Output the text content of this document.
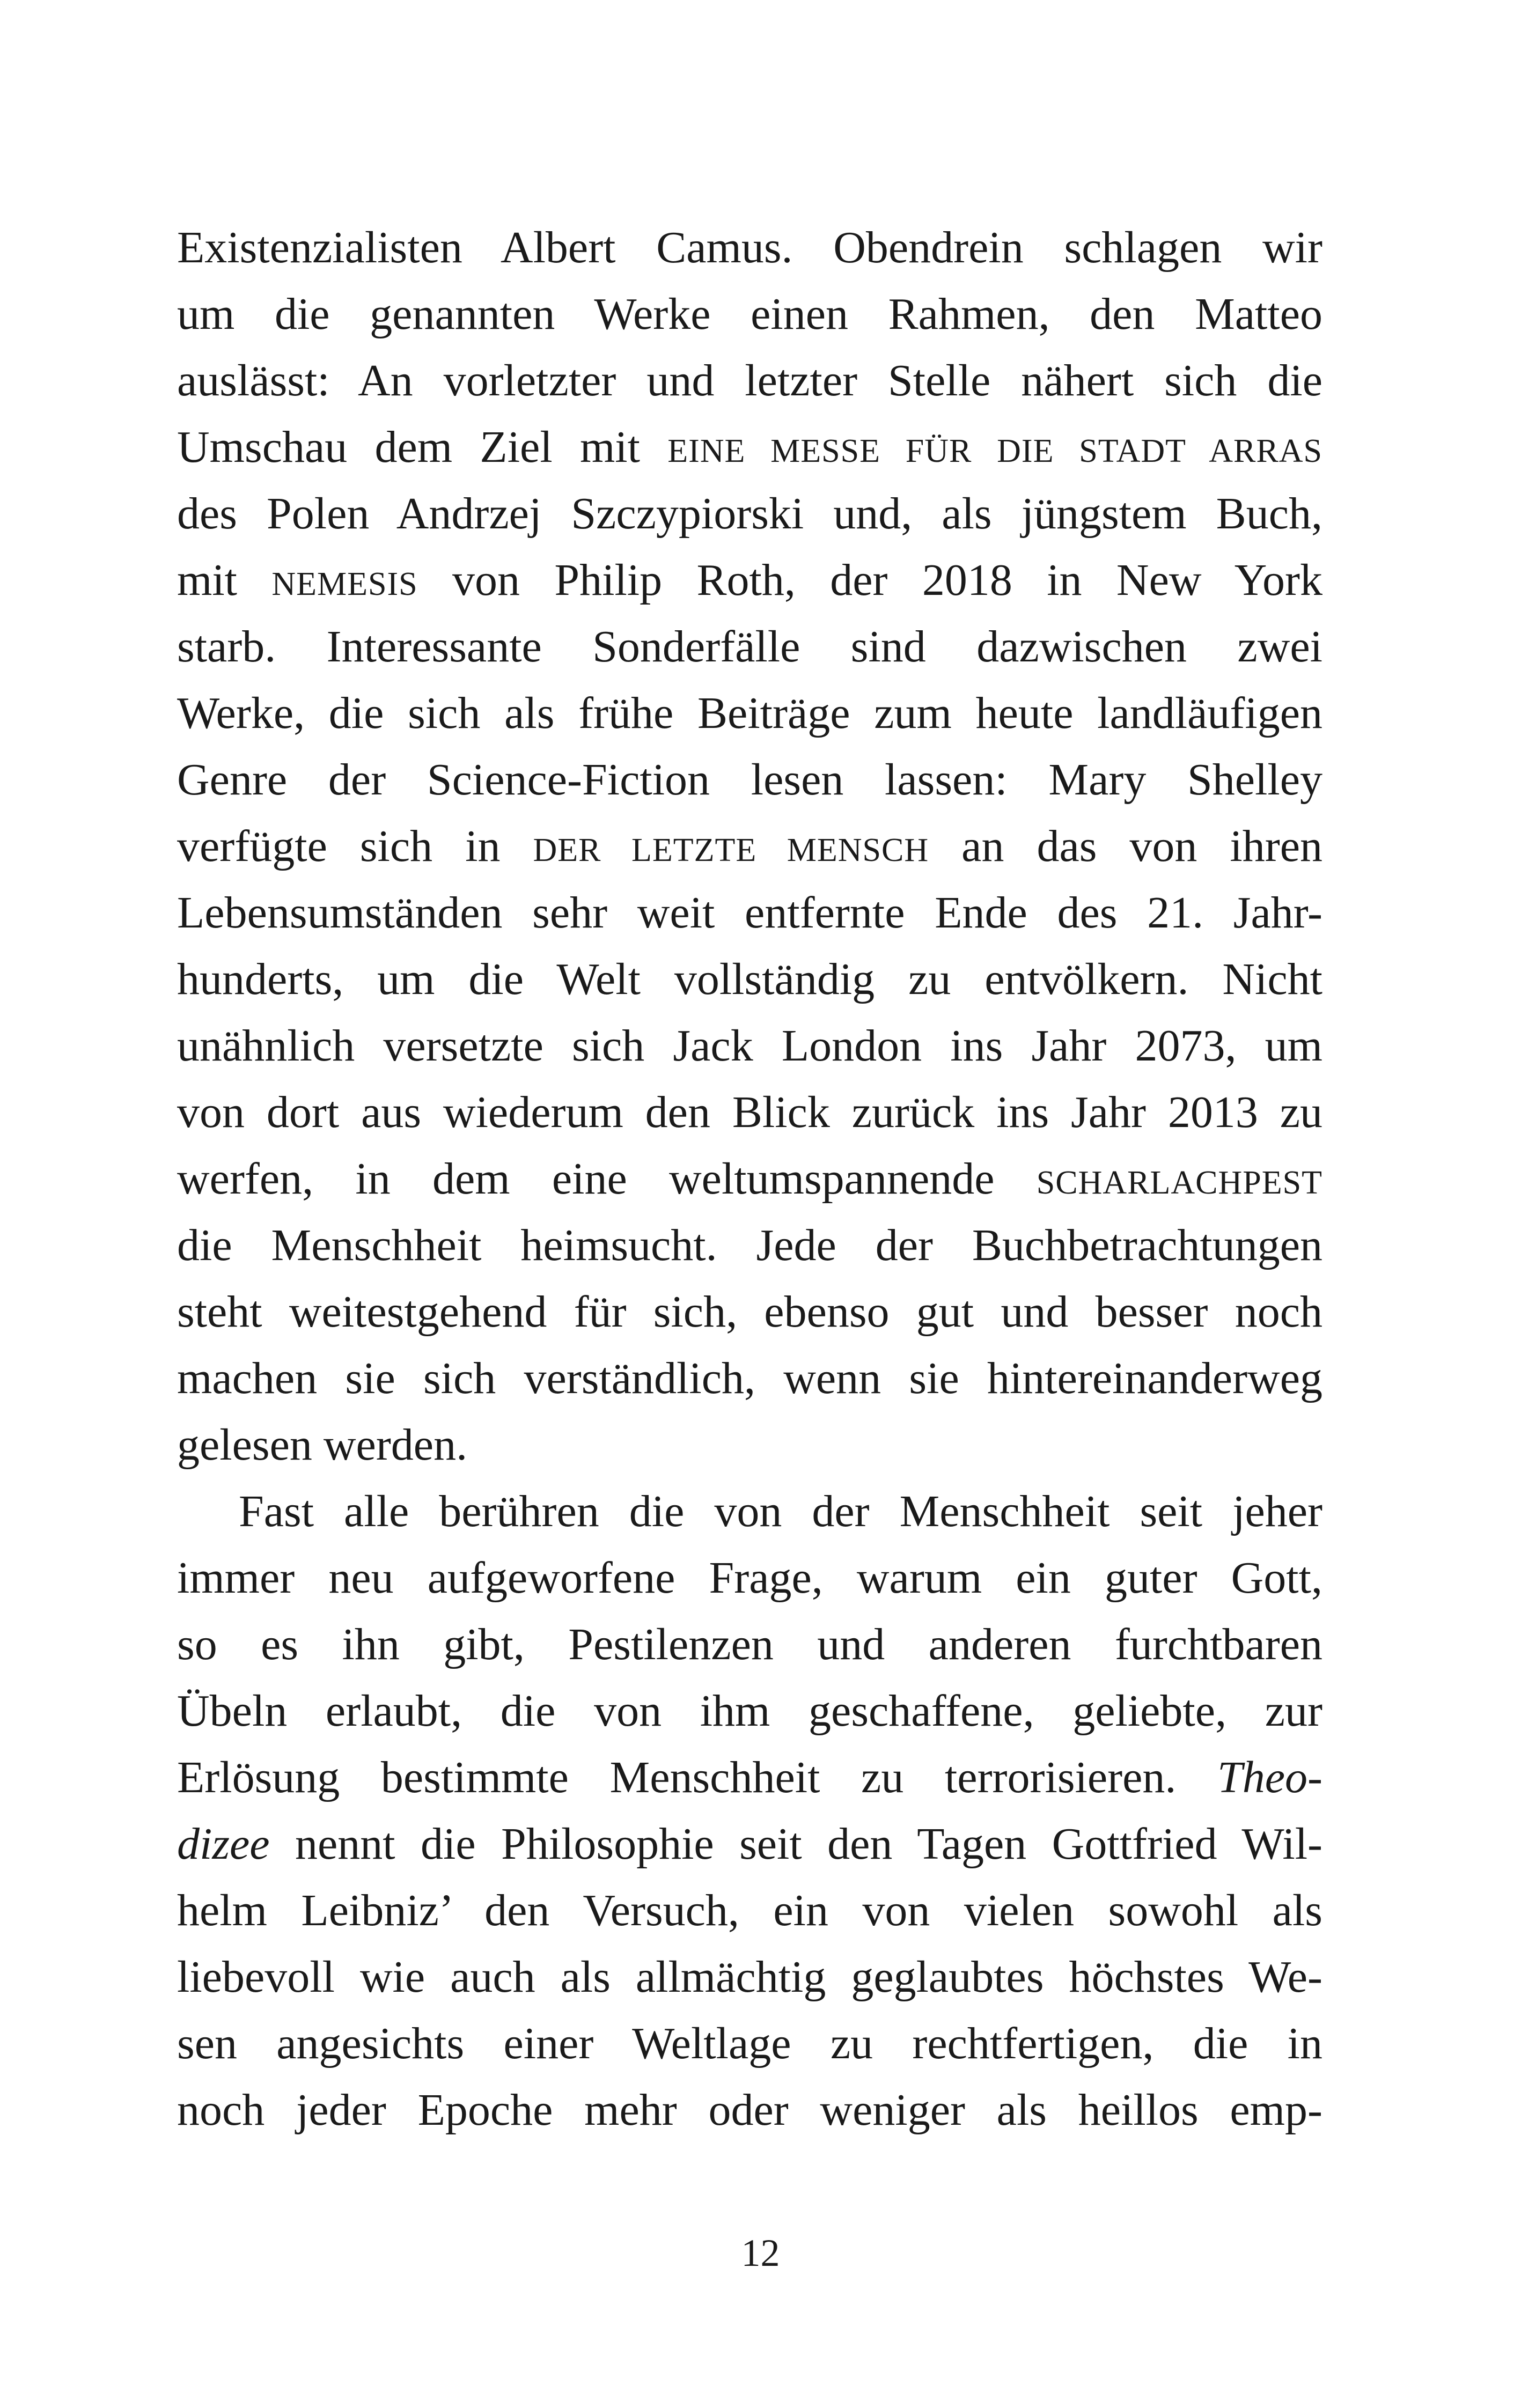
Existenzialisten Albert Camus. Obendrein schlagen wir
um die genannten Werke einen Rahmen, den Matteo
auslässt: An vorletzter und letzter Stelle nähert sich die
Umschau dem Ziel mit EINE MESSE FÜR DIE STADT ARRAS
des Polen Andrzej Szczypiorski und, als jüngstem Buch,
mit NEMESIS von Philip Roth, der 2018 in New York
starb. Interessante Sonderfälle sind dazwischen zwei
Werke, die sich als frühe Beiträge zum heute landläufigen
Genre der Science-Fiction lesen lassen: Mary Shelley
verfügte sich in DER LETZTE MENSCH an das von ihren
Lebensumständen sehr weit entfernte Ende des 21. Jahr-
hunderts, um die Welt vollständig zu entvölkern. Nicht
unähnlich versetzte sich Jack London ins Jahr 2073, um
von dort aus wiederum den Blick zurück ins Jahr 2013 zu
werfen, in dem eine weltumspannende SCHARLACHPEST
die Menschheit heimsucht. Jede der Buchbetrachtungen
steht weitestgehend für sich, ebenso gut und besser noch
machen sie sich verständlich, wenn sie hintereinanderweg
gelesen werden.
Fast alle berühren die von der Menschheit seit jeher
immer neu aufgeworfene Frage, warum ein guter Gott,
so es ihn gibt, Pestilenzen und anderen furchtbaren
Übeln erlaubt, die von ihm geschaffene, geliebte, zur
Erlösung bestimmte Menschheit zu terrorisieren. Theo-
dizee nennt die Philosophie seit den Tagen Gottfried Wil-
helm Leibniz’ den Versuch, ein von vielen sowohl als
liebevoll wie auch als allmächtig geglaubtes höchstes We-
sen angesichts einer Weltlage zu rechtfertigen, die in
noch jeder Epoche mehr oder weniger als heillos emp-
12
